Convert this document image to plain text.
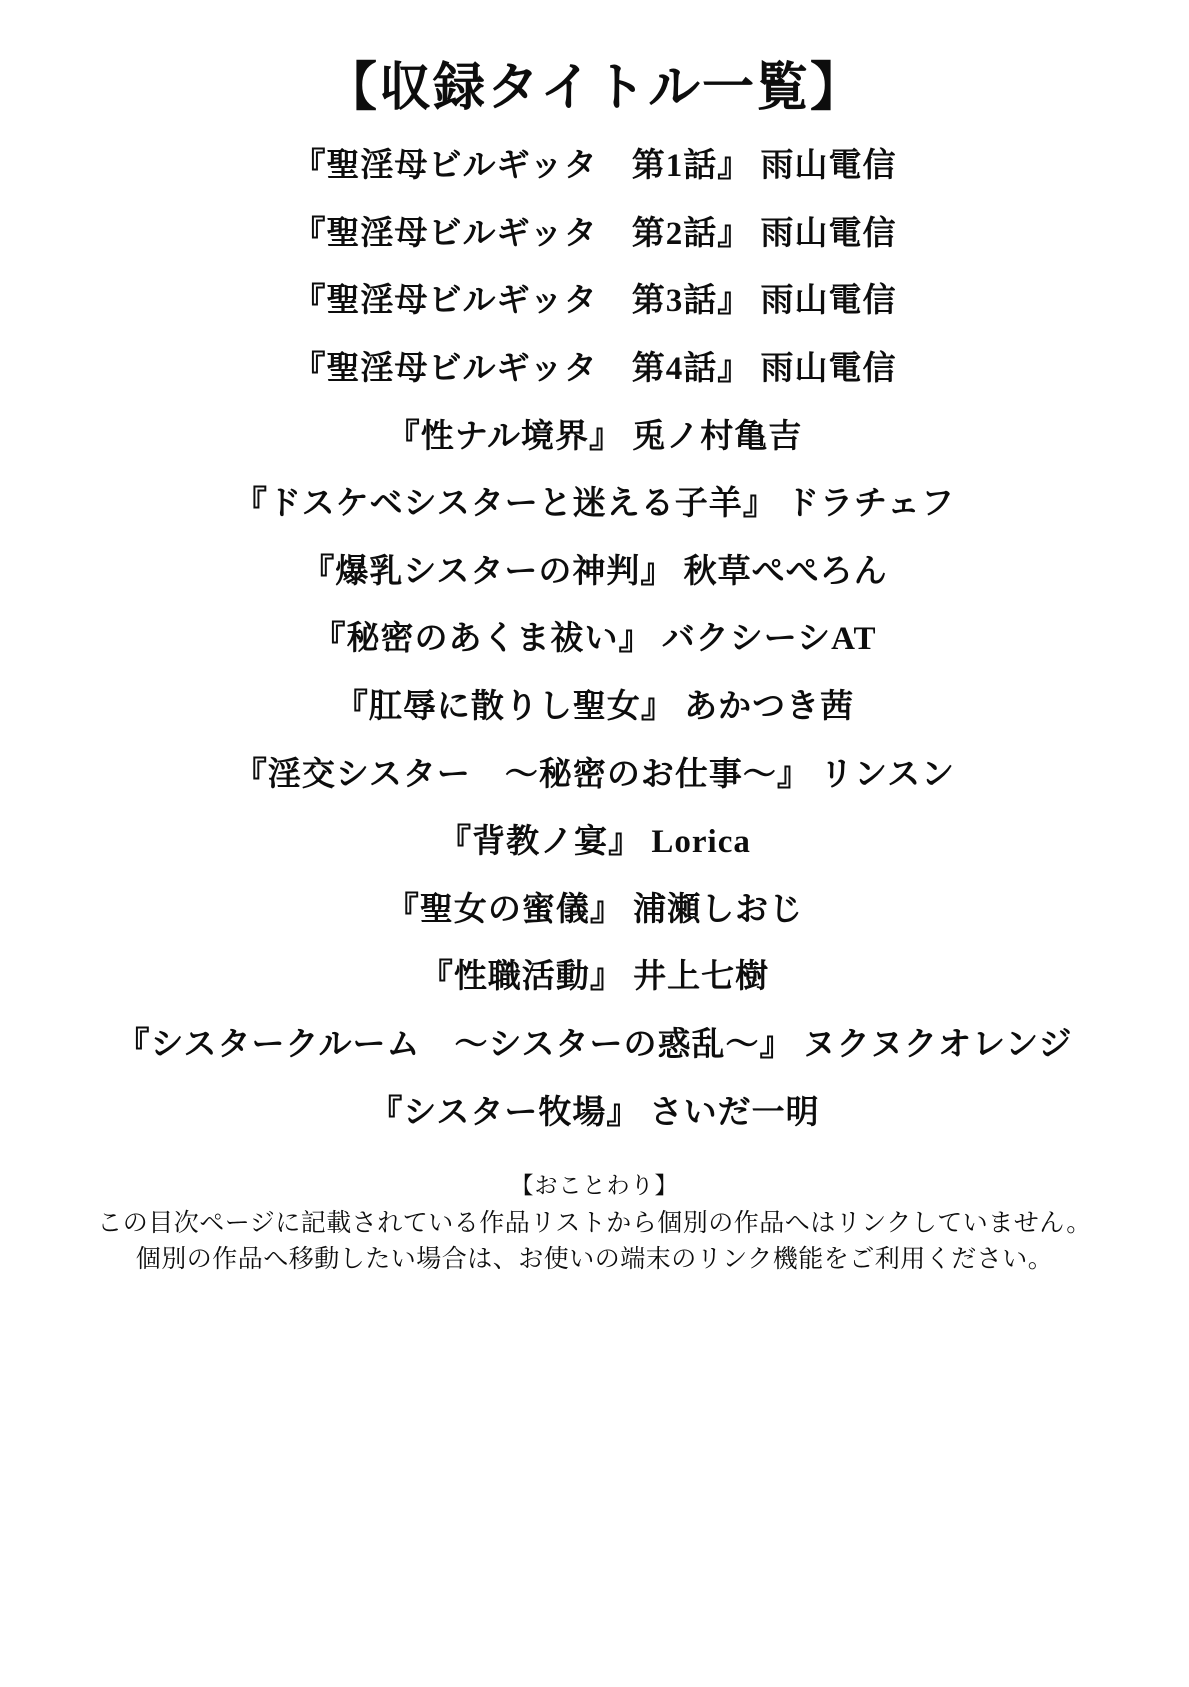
【収録タイトル一覧】
『聖淫母ビルギッタ　第1話』 雨山電信
『聖淫母ビルギッタ　第2話』 雨山電信
『聖淫母ビルギッタ　第3話』 雨山電信
『聖淫母ビルギッタ　第4話』 雨山電信
『性ナル境界』 兎ノ村亀吉
『ドスケベシスターと迷える子羊』 ドラチェフ
『爆乳シスターの神判』 秋草ぺぺろん
『秘密のあくま祓い』 バクシーシAT
『肛辱に散りし聖女』 あかつき茜
『淫交シスター　〜秘密のお仕事〜』 リンスン
『背教ノ宴』 Lorica
『聖女の蜜儀』 浦瀬しおじ
『性職活動』 井上七樹
『シスタークルーム　〜シスターの惑乱〜』 ヌクヌクオレンジ
『シスター牧場』 さいだ一明
【おことわり】
この目次ページに記載されている作品リストから個別の作品へはリンクしていません。
個別の作品へ移動したい場合は、お使いの端末のリンク機能をご利用ください。
